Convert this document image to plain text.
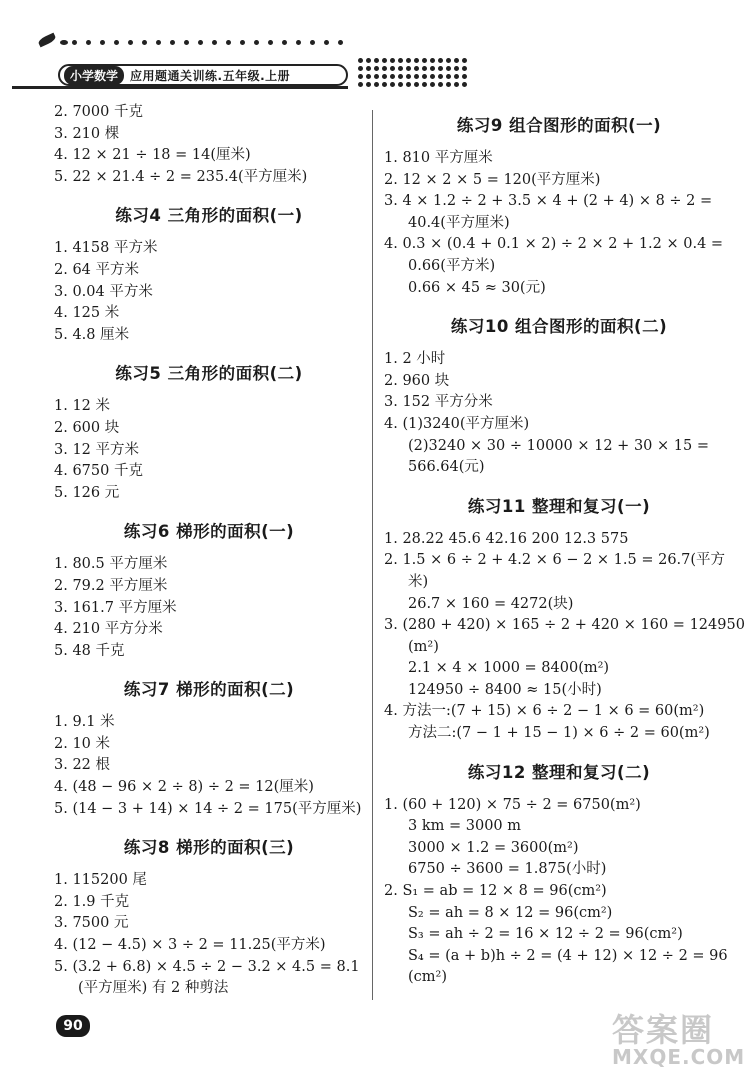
小学数学	应用题通关训练.五年级.上册
2. 7000 千克
3. 210 棵
4. 12 × 21 ÷ 18 = 14(厘米)
5. 22 × 21.4 ÷ 2 = 235.4(平方厘米)
练习4 三角形的面积(一)
1. 4158 平方米
2. 64 平方米
3. 0.04 平方米
4. 125 米
5. 4.8 厘米
练习5 三角形的面积(二)
1. 12 米
2. 600 块
3. 12 平方米
4. 6750 千克
5. 126 元
练习6 梯形的面积(一)
1. 80.5 平方厘米
2. 79.2 平方厘米
3. 161.7 平方厘米
4. 210 平方分米
5. 48 千克
练习7 梯形的面积(二)
1. 9.1 米
2. 10 米
3. 22 根
4. (48 − 96 × 2 ÷ 8) ÷ 2 = 12(厘米)
5. (14 − 3 + 14) × 14 ÷ 2 = 175(平方厘米)
练习8 梯形的面积(三)
1. 115200 尾
2. 1.9 千克
3. 7500 元
4. (12 − 4.5) × 3 ÷ 2 = 11.25(平方米)
5. (3.2 + 6.8) × 4.5 ÷ 2 − 3.2 × 4.5 = 8.1
(平方厘米) 有 2 种剪法
练习9 组合图形的面积(一)
1. 810 平方厘米
2. 12 × 2 × 5 = 120(平方厘米)
3. 4 × 1.2 ÷ 2 + 3.5 × 4 + (2 + 4) × 8 ÷ 2 =
40.4(平方厘米)
4. 0.3 × (0.4 + 0.1 × 2) ÷ 2 × 2 + 1.2 × 0.4 =
0.66(平方米)
0.66 × 45 ≈ 30(元)
练习10 组合图形的面积(二)
1. 2 小时
2. 960 块
3. 152 平方分米
4. (1)3240(平方厘米)
(2)3240 × 30 ÷ 10000 × 12 + 30 × 15 =
566.64(元)
练习11 整理和复习(一)
1. 28.22 45.6 42.16 200 12.3 575
2. 1.5 × 6 ÷ 2 + 4.2 × 6 − 2 × 1.5 = 26.7(平方
米)
26.7 × 160 = 4272(块)
3. (280 + 420) × 165 ÷ 2 + 420 × 160 = 124950
(m²)
2.1 × 4 × 1000 = 8400(m²)
124950 ÷ 8400 ≈ 15(小时)
4. 方法一:(7 + 15) × 6 ÷ 2 − 1 × 6 = 60(m²)
方法二:(7 − 1 + 15 − 1) × 6 ÷ 2 = 60(m²)
练习12 整理和复习(二)
1. (60 + 120) × 75 ÷ 2 = 6750(m²)
3 km = 3000 m
3000 × 1.2 = 3600(m²)
6750 ÷ 3600 = 1.875(小时)
2. S₁ = ab = 12 × 8 = 96(cm²)
S₂ = ah = 8 × 12 = 96(cm²)
S₃ = ah ÷ 2 = 16 × 12 ÷ 2 = 96(cm²)
S₄ = (a + b)h ÷ 2 = (4 + 12) × 12 ÷ 2 = 96
(cm²)
90	答案圈
MXQE.COM
